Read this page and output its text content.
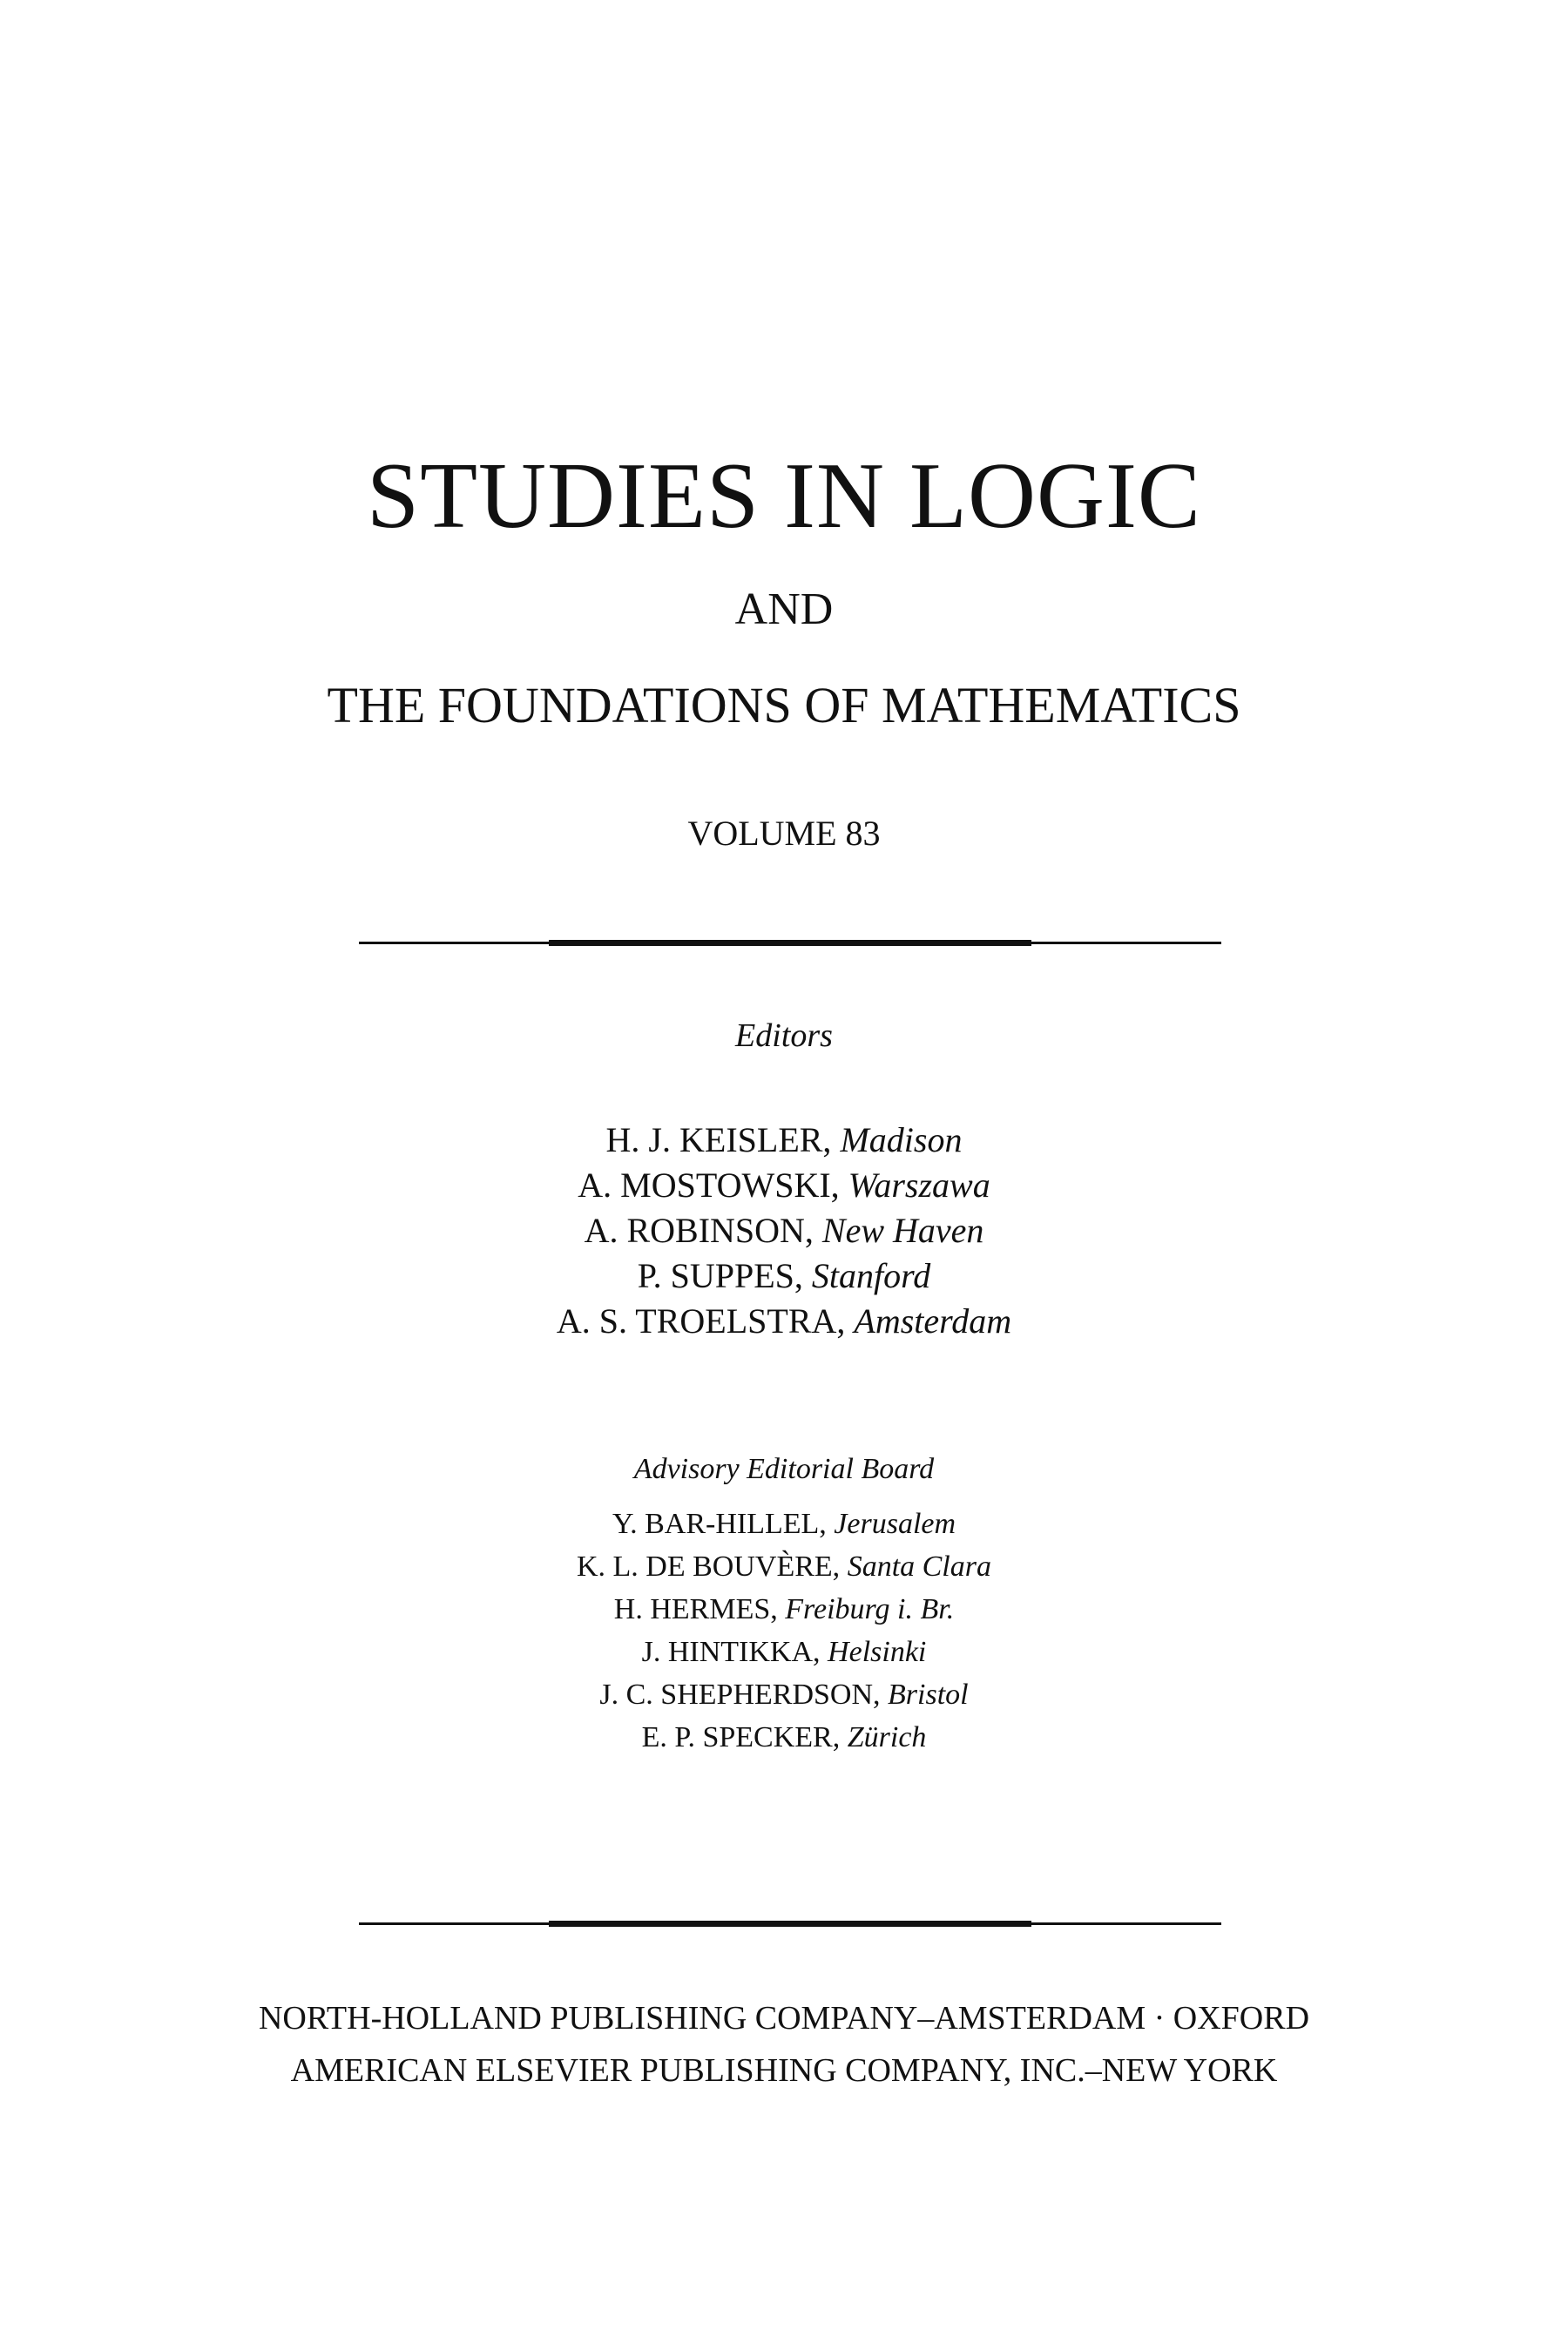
STUDIES IN LOGIC
AND
THE FOUNDATIONS OF MATHEMATICS
VOLUME 83
Editors
H. J. KEISLER, Madison
A. MOSTOWSKI, Warszawa
A. ROBINSON, New Haven
P. SUPPES, Stanford
A. S. TROELSTRA, Amsterdam
Advisory Editorial Board
Y. BAR-HILLEL, Jerusalem
K. L. DE BOUVÈRE, Santa Clara
H. HERMES, Freiburg i. Br.
J. HINTIKKA, Helsinki
J. C. SHEPHERDSON, Bristol
E. P. SPECKER, Zürich
NORTH-HOLLAND PUBLISHING COMPANY–AMSTERDAM · OXFORD
AMERICAN ELSEVIER PUBLISHING COMPANY, INC.–NEW YORK
